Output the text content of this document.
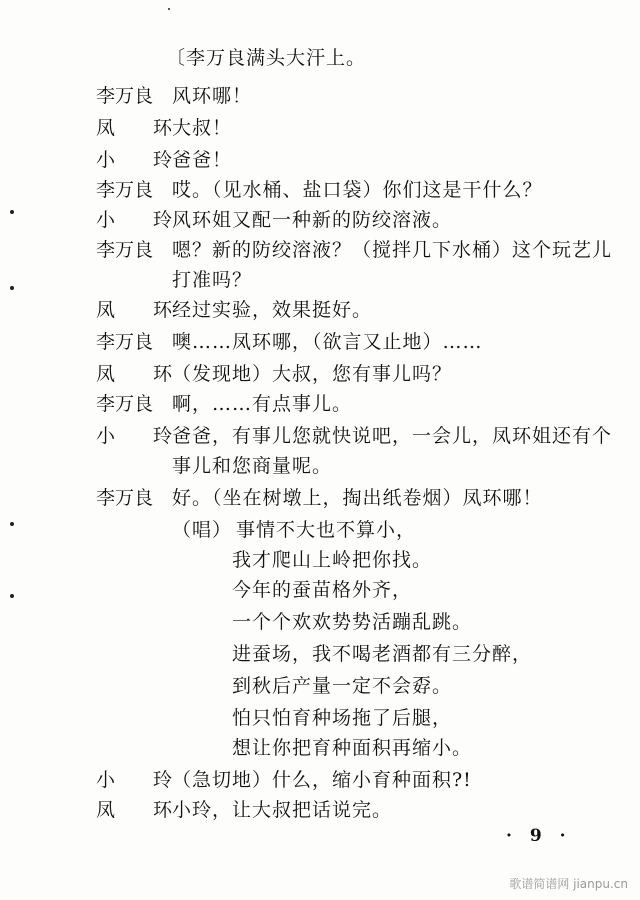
〔李万良满头大汗上。
李万良 风环哪！
凤 环
大叔！
小 玲
爸爸！
李万良 哎。（见水桶、盐口袋）你们这是干什么？
小 玲
风环姐又配一种新的防绞溶液。
李万良 嗯？新的防绞溶液？（搅拌几下水桶）这个玩艺儿
打准吗？
凤 环
经过实验，效果挺好。
李万良 噢……凤环哪，（欲言又止地）……
凤 环
（发现地）大叔，您有事儿吗？
李万良 啊，……有点事儿。
小 玲
爸爸，有事儿您就快说吧，一会儿，凤环姐还有个
事儿和您商量呢。
李万良 好。（坐在树墩上，掏出纸卷烟）凤环哪！
（唱） 事情不大也不算小，
我才爬山上岭把你找。
今年的蚕苗格外齐，
一个个欢欢势势活蹦乱跳。
进蚕场，我不喝老酒都有三分醉，
到秋后产量一定不会孬。
怕只怕育种场拖了后腿，
想让你把育种面积再缩小。
小 玲
（急切地）什么，缩小育种面积?!
凤 环
小玲，让大叔把话说完。
· 9 ·
歌谱简谱网 jianpu.cn
